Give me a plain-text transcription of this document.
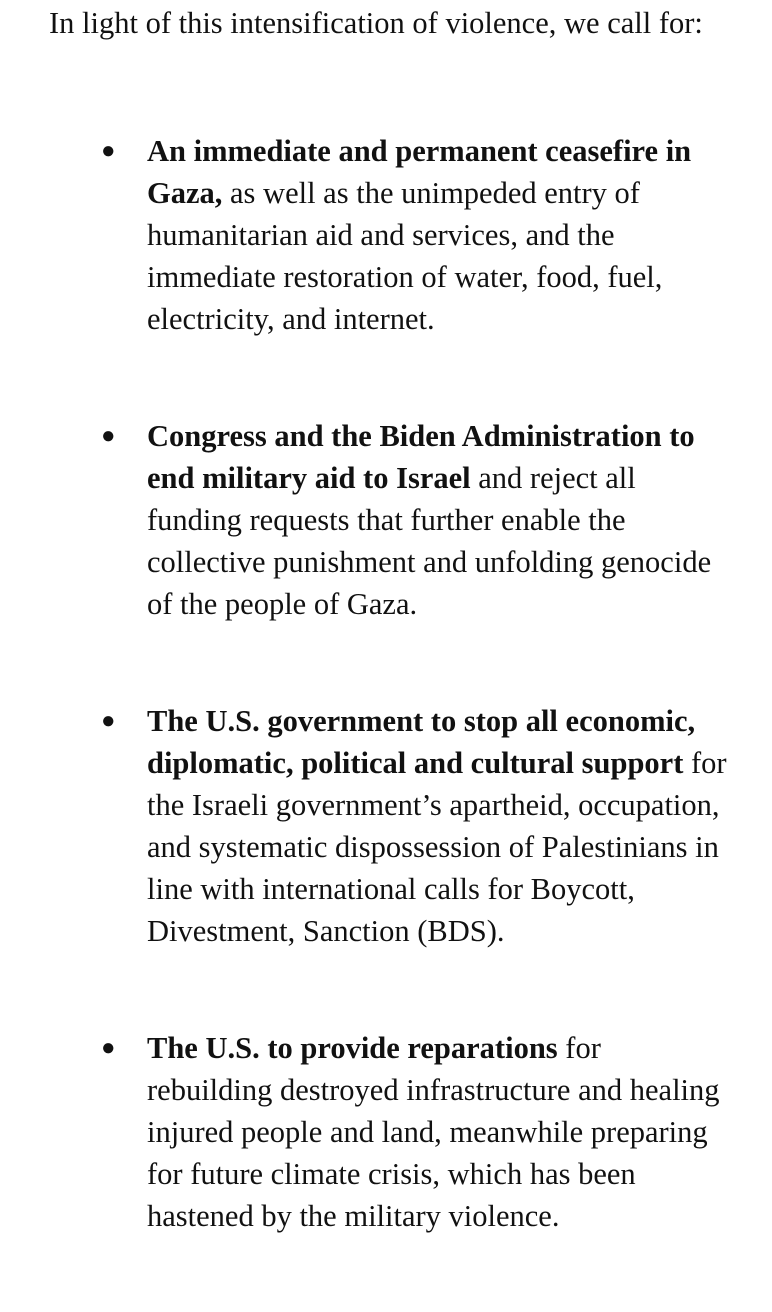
In light of this intensification of violence, we call for:

● An immediate and permanent ceasefire in Gaza, as well as the unimpeded entry of humanitarian aid and services, and the immediate restoration of water, food, fuel, electricity, and internet.
● Congress and the Biden Administration to end military aid to Israel and reject all funding requests that further enable the collective punishment and unfolding genocide of the people of Gaza.
● The U.S. government to stop all economic, diplomatic, political and cultural support for the Israeli government’s apartheid, occupation, and systematic dispossession of Palestinians in line with international calls for Boycott, Divestment, Sanction (BDS).
● The U.S. to provide reparations for rebuilding destroyed infrastructure and healing injured people and land, meanwhile preparing for future climate crisis, which has been hastened by the military violence.
